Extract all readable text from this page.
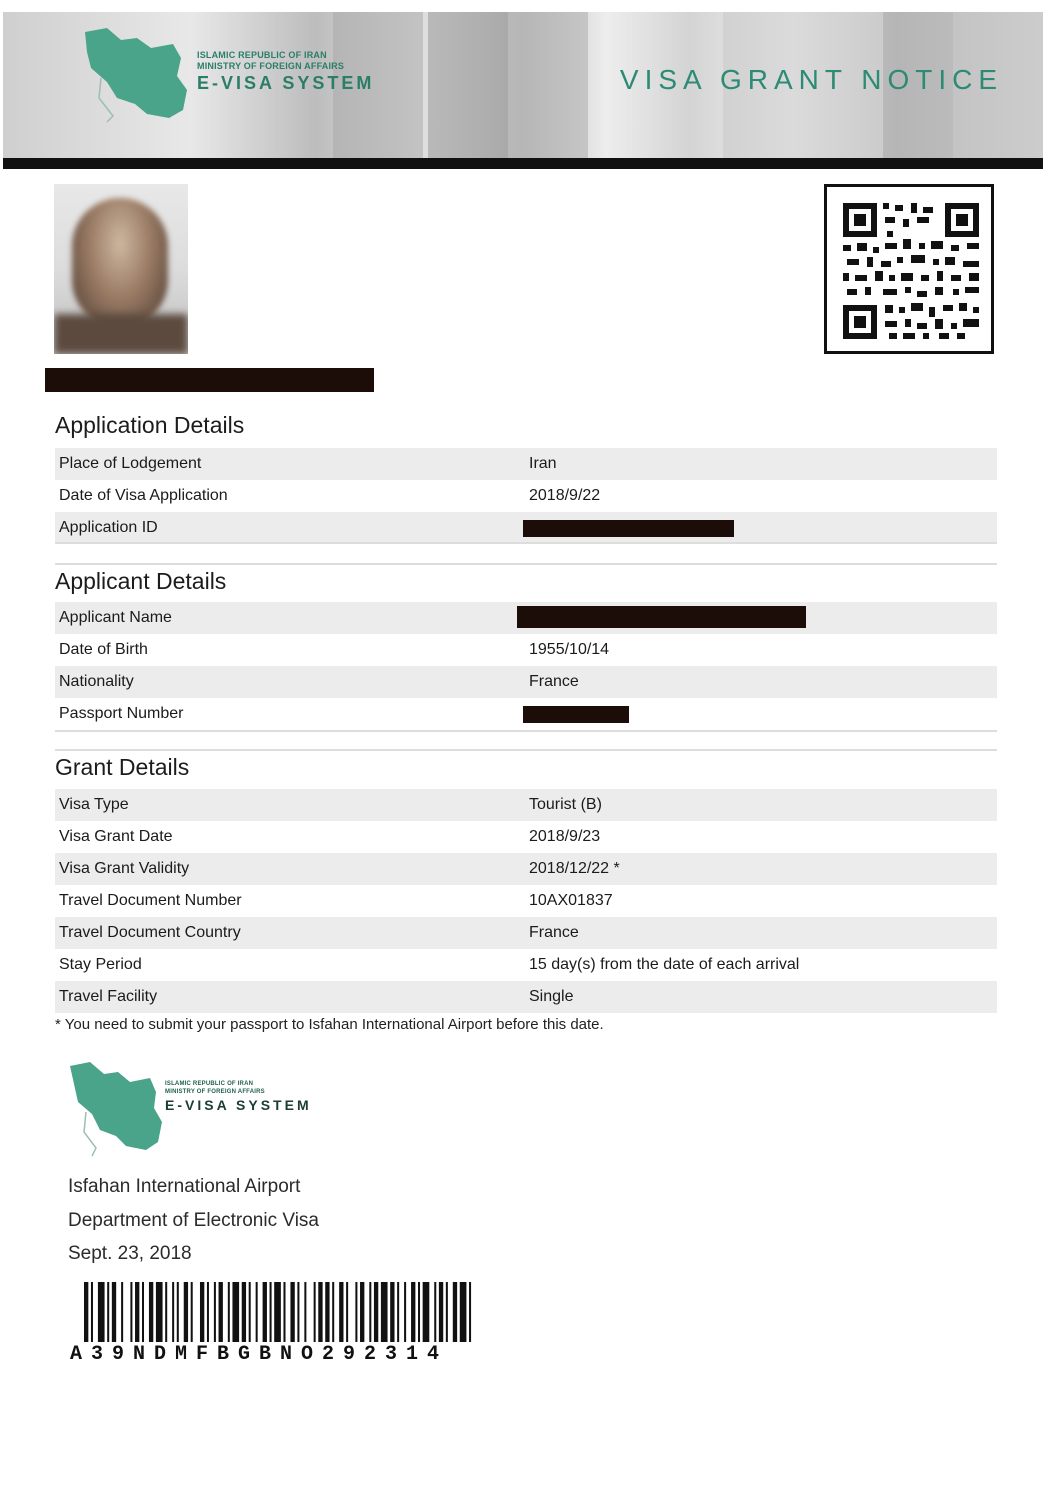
ISLAMIC REPUBLIC OF IRAN
MINISTRY OF FOREIGN AFFAIRS
E-VISA SYSTEM	VISA GRANT NOTICE
Application Details
Place of Lodgement	Iran
Date of Visa Application	2018/9/22
Application ID
Applicant Details
Applicant Name
Date of Birth	1955/10/14
Nationality	France
Passport Number
Grant Details
Visa Type	Tourist (B)
Visa Grant Date	2018/9/23
Visa Grant Validity	2018/12/22 *
Travel Document Number	10AX01837
Travel Document Country	France
Stay Period	15 day(s) from the date of each arrival
Travel Facility	Single
* You need to submit your passport to Isfahan International Airport before this date.
ISLAMIC REPUBLIC OF IRAN
MINISTRY OF FOREIGN AFFAIRS
E-VISA SYSTEM
Isfahan International Airport
Department of Electronic Visa
Sept. 23, 2018
A39NDMFBGBNO292314
